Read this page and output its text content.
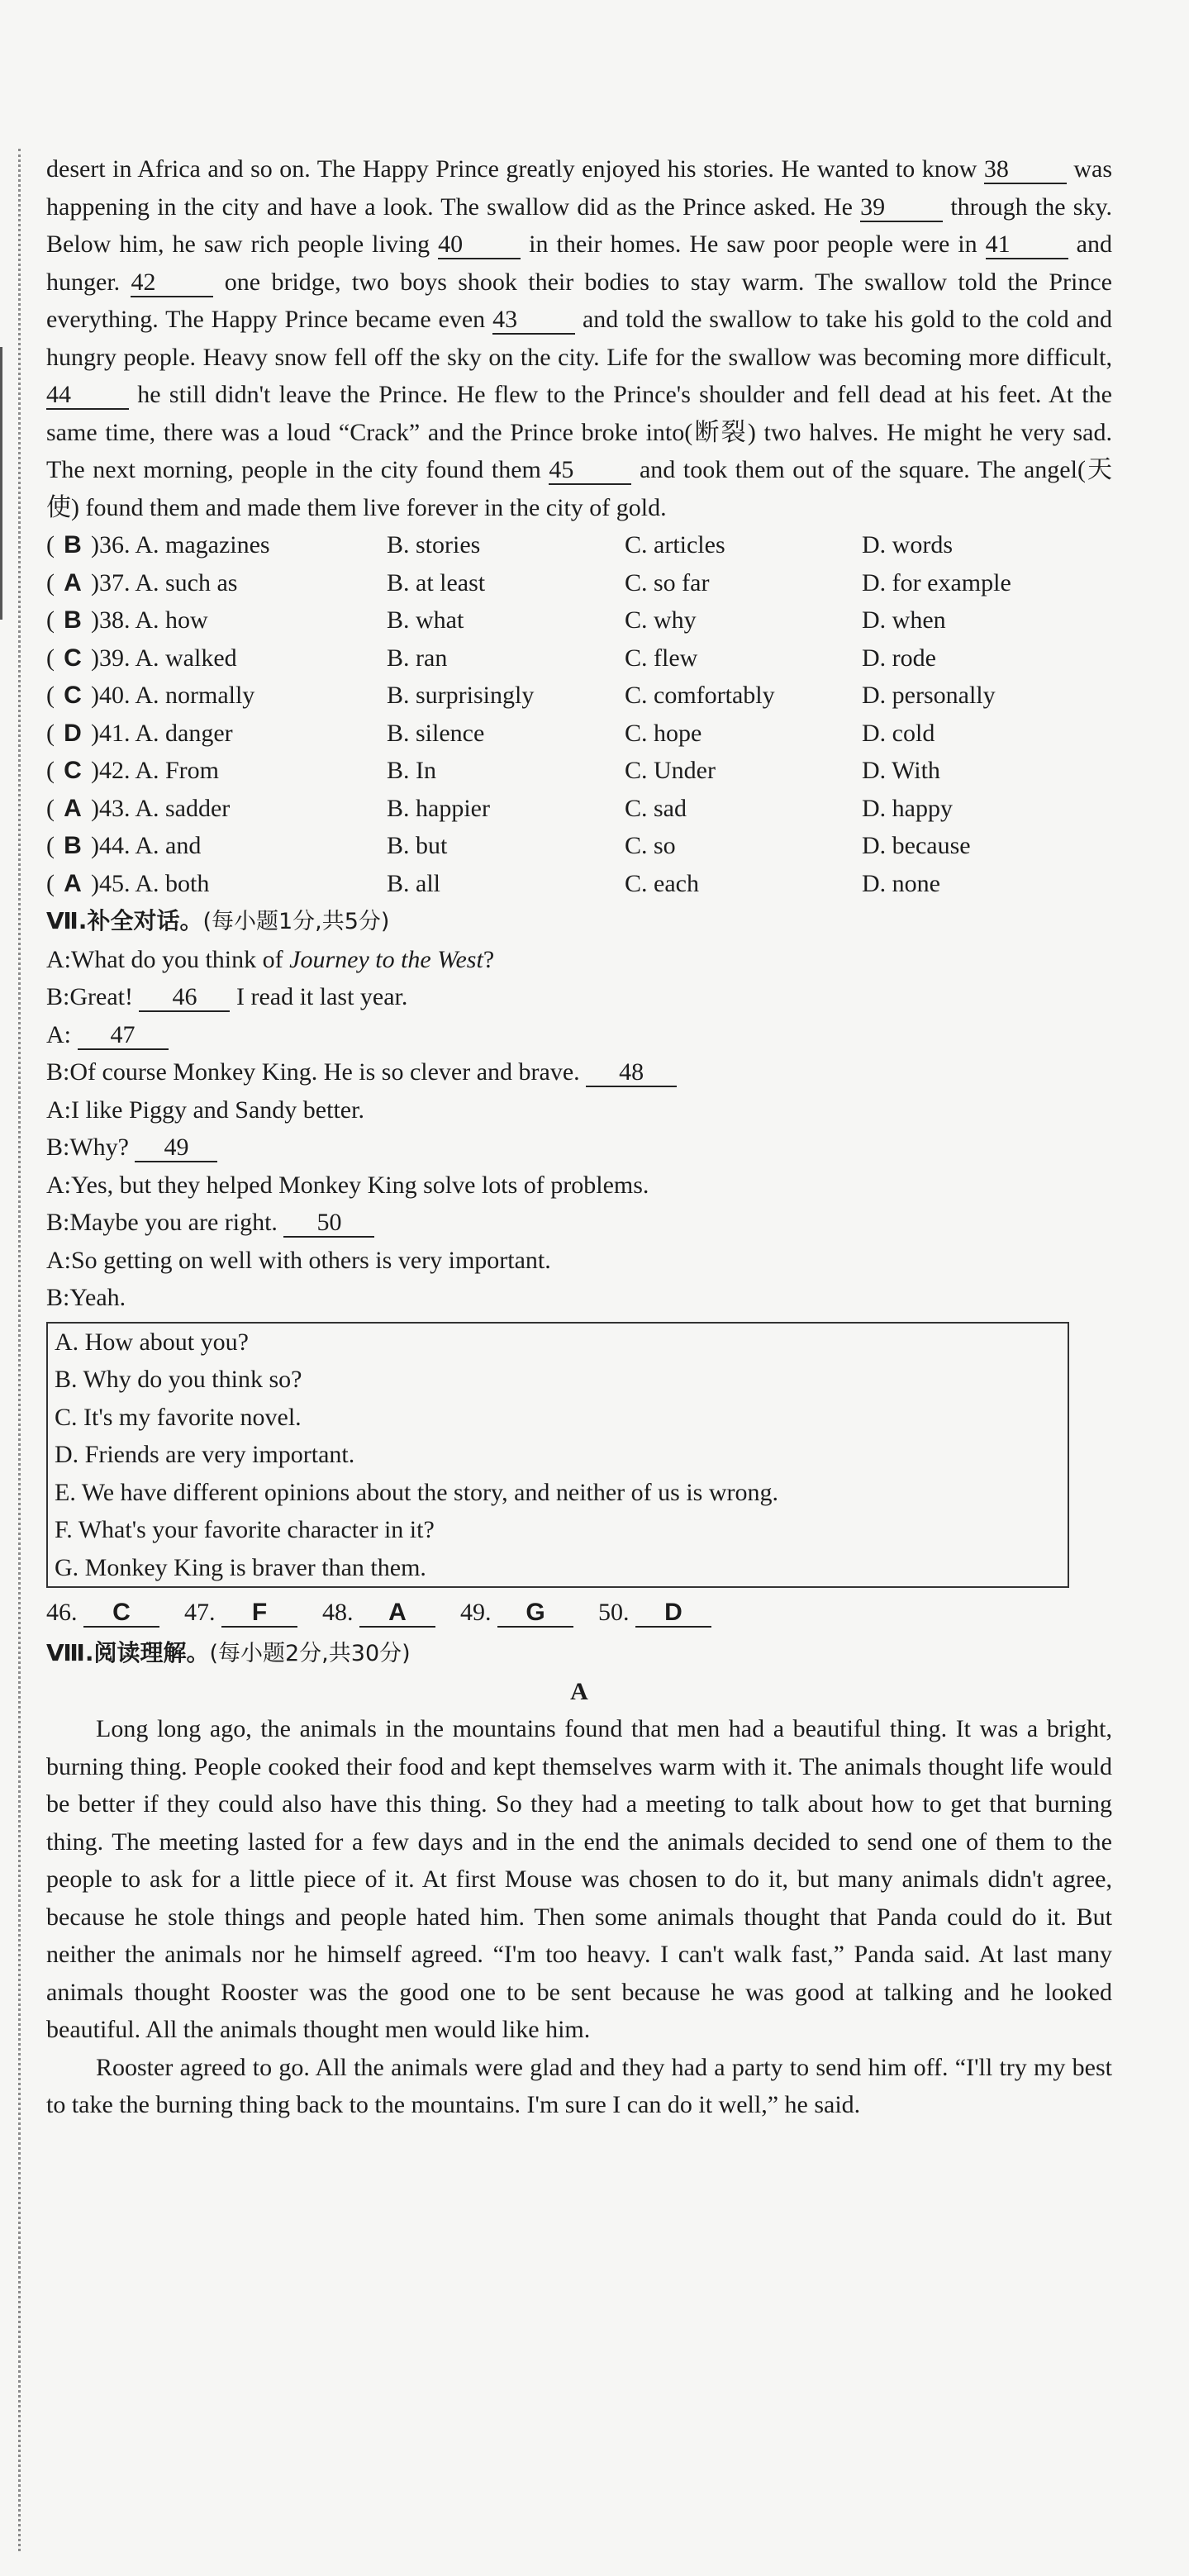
desert in Africa and so on. The Happy Prince greatly enjoyed his stories. He wanted to know 38 was happening in the city and have a look. The swallow did as the Prince asked. He 39 through the sky. Below him, he saw rich people living 40 in their homes. He saw poor people were in 41 and hunger. 42 one bridge, two boys shook their bodies to stay warm. The swallow told the Prince everything. The Happy Prince became even 43 and told the swallow to take his gold to the cold and hungry people. Heavy snow fell off the sky on the city. Life for the swallow was becoming more difficult, 44 he still didn't leave the Prince. He flew to the Prince's shoulder and fell dead at his feet. At the same time, there was a loud “Crack” and the Prince broke into(断裂) two halves. He might he very sad. The next morning, people in the city found them 45 and took them out of the square. The angel(天使) found them and made them live forever in the city of gold.
( B )36. A. magazines	B. stories	C. articles	D. words
( A )37. A. such as	B. at least	C. so far	D. for example
( B )38. A. how	B. what	C. why	D. when
( C )39. A. walked	B. ran	C. flew	D. rode
( C )40. A. normally	B. surprisingly	C. comfortably	D. personally
( D )41. A. danger	B. silence	C. hope	D. cold
( C )42. A. From	B. In	C. Under	D. With
( A )43. A. sadder	B. happier	C. sad	D. happy
( B )44. A. and	B. but	C. so	D. because
( A )45. A. both	B. all	C. each	D. none
Ⅶ.补全对话。(每小题1分,共5分)
A:What do you think of Journey to the West?
B:Great! 46 I read it last year.
A: 47
B:Of course Monkey King. He is so clever and brave. 48
A:I like Piggy and Sandy better.
B:Why? 49
A:Yes, but they helped Monkey King solve lots of problems.
B:Maybe you are right. 50
A:So getting on well with others is very important.
B:Yeah.
A. How about you?
B. Why do you think so?
C. It's my favorite novel.
D. Friends are very important.
E. We have different opinions about the story, and neither of us is wrong.
F. What's your favorite character in it?
G. Monkey King is braver than them.
46. C 47. F 48. A 49. G 50. D
Ⅷ.阅读理解。(每小题2分,共30分)
A
Long long ago, the animals in the mountains found that men had a beautiful thing. It was a bright, burning thing. People cooked their food and kept themselves warm with it. The animals thought life would be better if they could also have this thing. So they had a meeting to talk about how to get that burning thing. The meeting lasted for a few days and in the end the animals decided to send one of them to the people to ask for a little piece of it. At first Mouse was chosen to do it, but many animals didn't agree, because he stole things and people hated him. Then some animals thought that Panda could do it. But neither the animals nor he himself agreed. “I'm too heavy. I can't walk fast,” Panda said. At last many animals thought Rooster was the good one to be sent because he was good at talking and he looked beautiful. All the animals thought men would like him.
Rooster agreed to go. All the animals were glad and they had a party to send him off. “I'll try my best to take the burning thing back to the mountains. I'm sure I can do it well,” he said.
